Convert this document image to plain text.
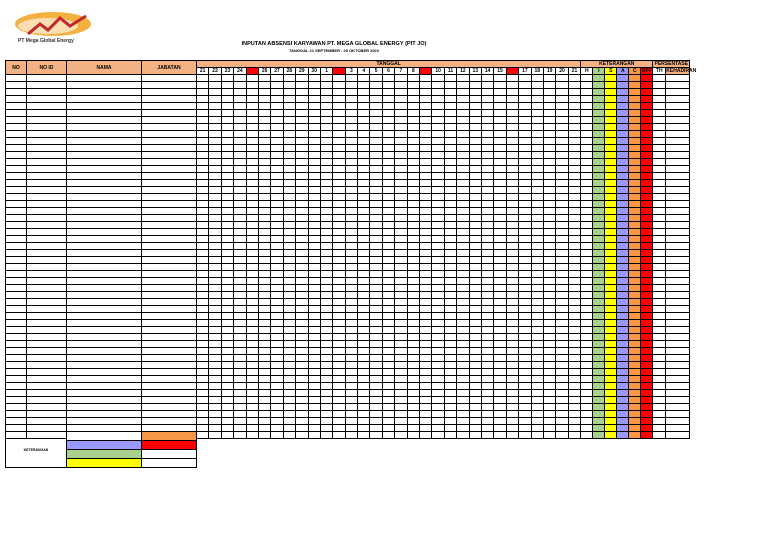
PT Mega Global Energy	INPUTAN ABSENSI KARYAWAN PT. MEGA GLOBAL ENERGY (PIT JO)
TANGGAL 21 SEPTEMBER - 20 OKTOBER 2022
NO	NO ID	NAMA	JABATAN	TANGGAL																															KETERANGAN						PERSENTASE	
				21	22	23	24	25	26	27	28	29	30	1	2	3	4	5	6	7	8	9	10	11	12	13	14	15	16	17	18	19	20	21	H	I	S	A	C	OFF	TH	KEHADIRAN

KETERANGAN		
